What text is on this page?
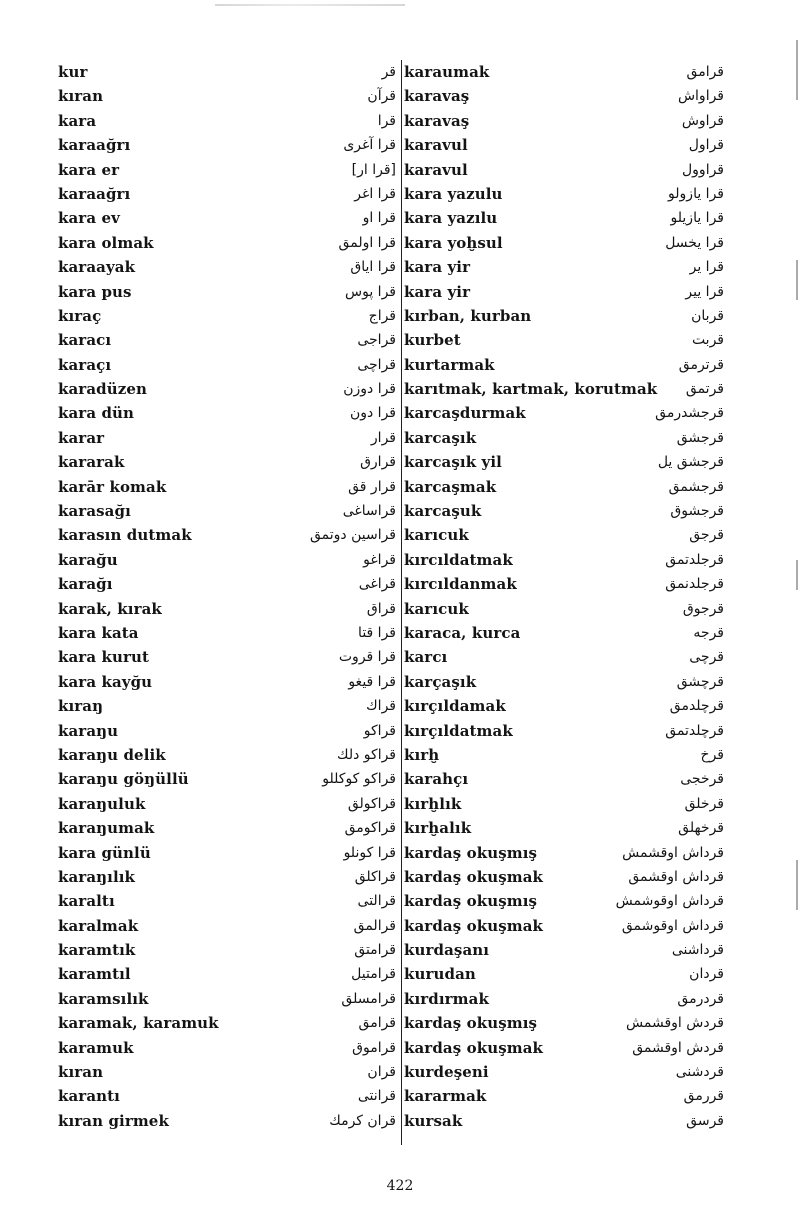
kur	قر
kıran	قرآن
kara	قرا
karaağrı	قرا آغری
kara er	[قرا ار]
karaağrı	قرا اغر
kara ev	قرا او
kara olmak	قرا اولمق
karaayak	قرا اياق
kara pus	قرا پوس
kıraç	قراج
karacı	قراجی
karaçı	قراچی
karadüzen	قرا دوزن
kara dün	قرا دون
karar	قرار
kararak	قرارق
karār komak	قرار قق
karasağı	قراساغی
karasın dutmak	قراسین دوتمق
karağu	قراغو
karağı	قراغی
karak, kırak	قراق
kara kata	قرا قتا
kara kurut	قرا قروت
kara kayğu	قرا قیغو
kıraŋ	قراك
karaŋu	قراكو
karaŋu delik	قراكو دلك
karaŋu göŋüllü	قراكو كوكللو
karaŋuluk	قراكولق
karaŋumak	قراكومق
kara günlü	قرا كونلو
karaŋılık	قراكلق
karaltı	قرالتی
karalmak	قرالمق
karamtık	قرامتق
karamtıl	قرامتیل
karamsılık	قرامسلق
karamak, karamuk	قرامق
karamuk	قراموق
kıran	قران
karantı	قرانتی
kıran girmek	قران كرمك
karaumak	قرامق
karavaş	قراواش
karavaş	قراوش
karavul	قراول
karavul	قراوول
kara yazulu	قرا یازولو
kara yazılu	قرا یازیلو
kara yoḫsul	قرا یخسل
kara yir	قرا یر
kara yir	قرا یير
kırban, kurban	قربان
kurbet	قربت
kurtarmak	قرترمق
karıtmak, kartmak, korutmak قرتمق
karcaşdurmak	قرجشدرمق
karcaşık	قرجشق
karcaşık yil	قرجشق يل
karcaşmak	قرجشمق
karcaşuk	قرجشوق
karıcuk	قرجق
kırcıldatmak	قرجلدتمق
kırcıldanmak	قرجلدنمق
karıcuk	قرجوق
karaca, kurca	قرجه
karcı	قرچی
karçaşık	قرچشق
kırçıldamak	قرچلدمق
kırçıldatmak	قرچلدتمق
kırḫ	قرخ
karahçı	قرخجی
kırḫlık	قرخلق
kırḫalık	قرخهلق
kardaş okuşmış	قرداش اوقشمش
kardaş okuşmak	قرداش اوقشمق
kardaş okuşmış	قرداش اوقوشمش
kardaş okuşmak	قرداش اوقوشمق
kurdaşanı	قرداشنی
kurudan	قردان
kırdırmak	قردرمق
kardaş okuşmış	قردش اوقشمش
kardaş okuşmak	قردش اوقشمق
kurdeşeni	قردشنی
kararmak	قررمق
kursak	قرسق
422
